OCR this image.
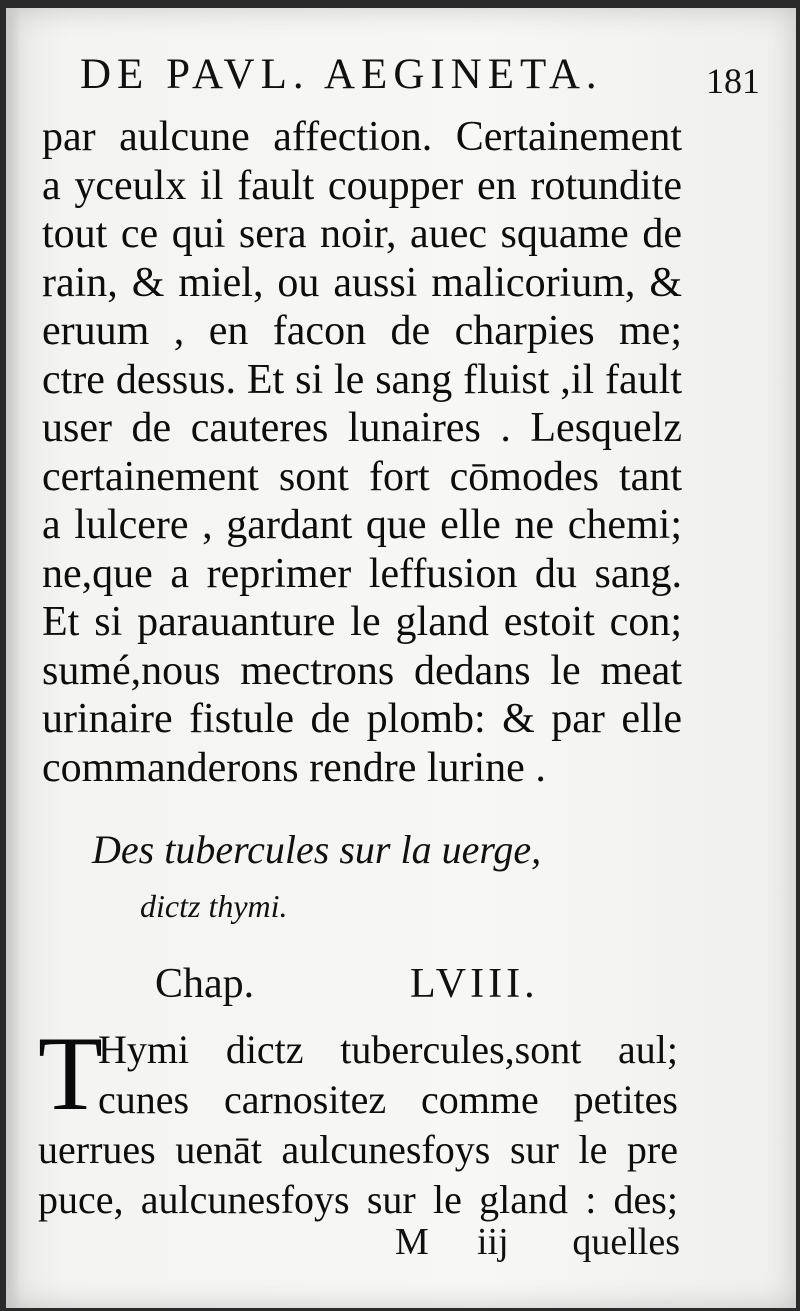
DE PAVL. AEGINETA.	181
par aulcune affection. Certainement
a yceulx il fault coupper en rotundite
tout ce qui sera noir, auec squame de
rain, & miel, ou aussi malicorium, &
eruum , en facon de charpies me;
ctre dessus. Et si le sang fluist ,il fault
user de cauteres lunaires . Lesquelz
certainement sont fort cōmodes tant
a lulcere , gardant que elle ne chemi;
ne,que a reprimer leffusion du sang.
Et si parauanture le gland estoit con;
sumé,nous mectrons dedans le meat
urinaire fistule de plomb: & par elle
commanderons rendre lurine .
Des tubercules sur la uerge,
dictz thymi.
Chap.	LVIII.
T
Hymi dictz tubercules,sont aul;
cunes carnositez comme petites
uerrues uenāt aulcunesfoys sur le pre
puce, aulcunesfoys sur le gland : des;
M iij quelles
